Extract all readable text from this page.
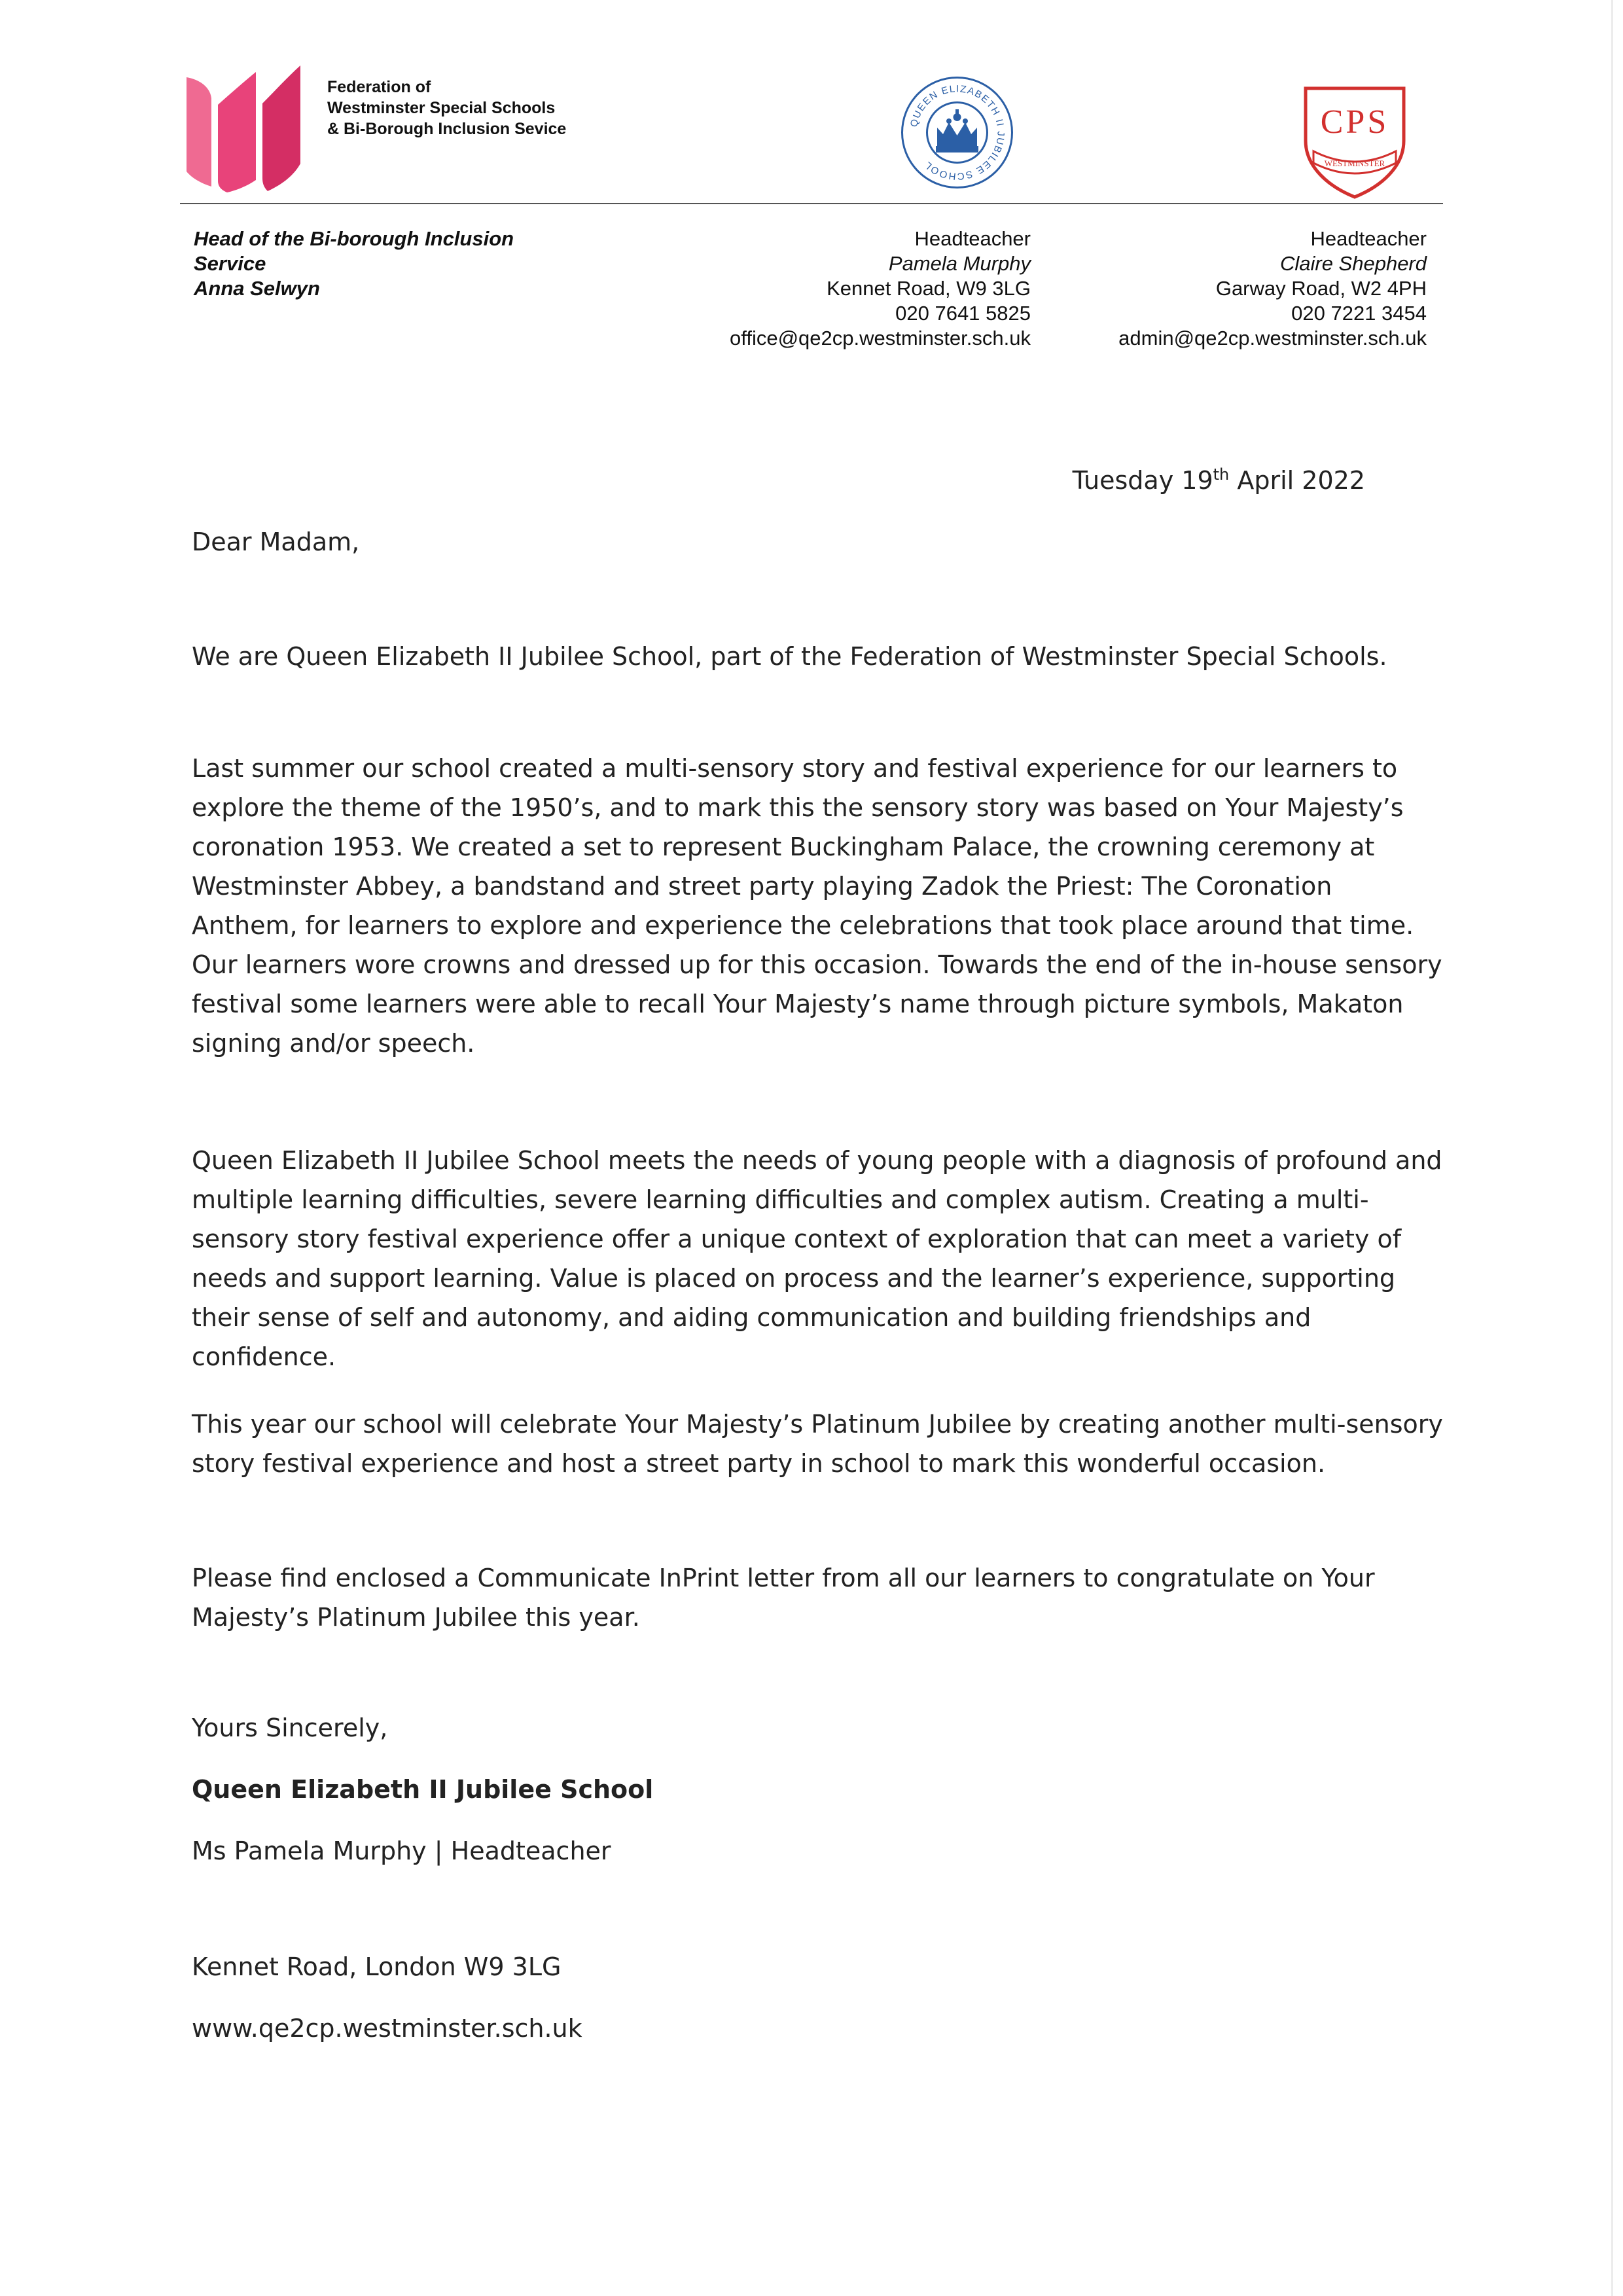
Federation of
Westminster Special Schools
& Bi-Borough Inclusion Sevice	QUEEN ELIZABETH II JUBILEE SCHOOL
CPS
WESTMINSTER
Head of the Bi-borough Inclusion
Service
Anna Selwyn
Headteacher
Pamela Murphy
Kennet Road, W9 3LG
020 7641 5825
office@qe2cp.westminster.sch.uk
Headteacher
Claire Shepherd
Garway Road, W2 4PH
020 7221 3454
admin@qe2cp.westminster.sch.uk
Tuesday 19th April 2022
Dear Madam,

We are Queen Elizabeth II Jubilee School, part of the Federation of Westminster Special Schools.

Last summer our school created a multi-sensory story and festival experience for our learners to explore the theme of the 1950’s, and to mark this the sensory story was based on Your Majesty’s coronation 1953. We created a set to represent Buckingham Palace, the crowning ceremony at Westminster Abbey, a bandstand and street party playing Zadok the Priest: The Coronation Anthem, for learners to explore and experience the celebrations that took place around that time. Our learners wore crowns and dressed up for this occasion. Towards the end of the in-house sensory festival some learners were able to recall Your Majesty’s name through picture symbols, Makaton signing and/or speech.

Queen Elizabeth II Jubilee School meets the needs of young people with a diagnosis of profound and multiple learning difficulties, severe learning difficulties and complex autism. Creating a multi-sensory story festival experience offer a unique context of exploration that can meet a variety of needs and support learning. Value is placed on process and the learner’s experience, supporting their sense of self and autonomy, and aiding communication and building friendships and confidence.

This year our school will celebrate Your Majesty’s Platinum Jubilee by creating another multi-sensory story festival experience and host a street party in school to mark this wonderful occasion.

Please find enclosed a Communicate InPrint letter from all our learners to congratulate on Your Majesty’s Platinum Jubilee this year.

Yours Sincerely,
Queen Elizabeth II Jubilee School
Ms Pamela Murphy | Headteacher
Kennet Road, London W9 3LG
www.qe2cp.westminster.sch.uk
